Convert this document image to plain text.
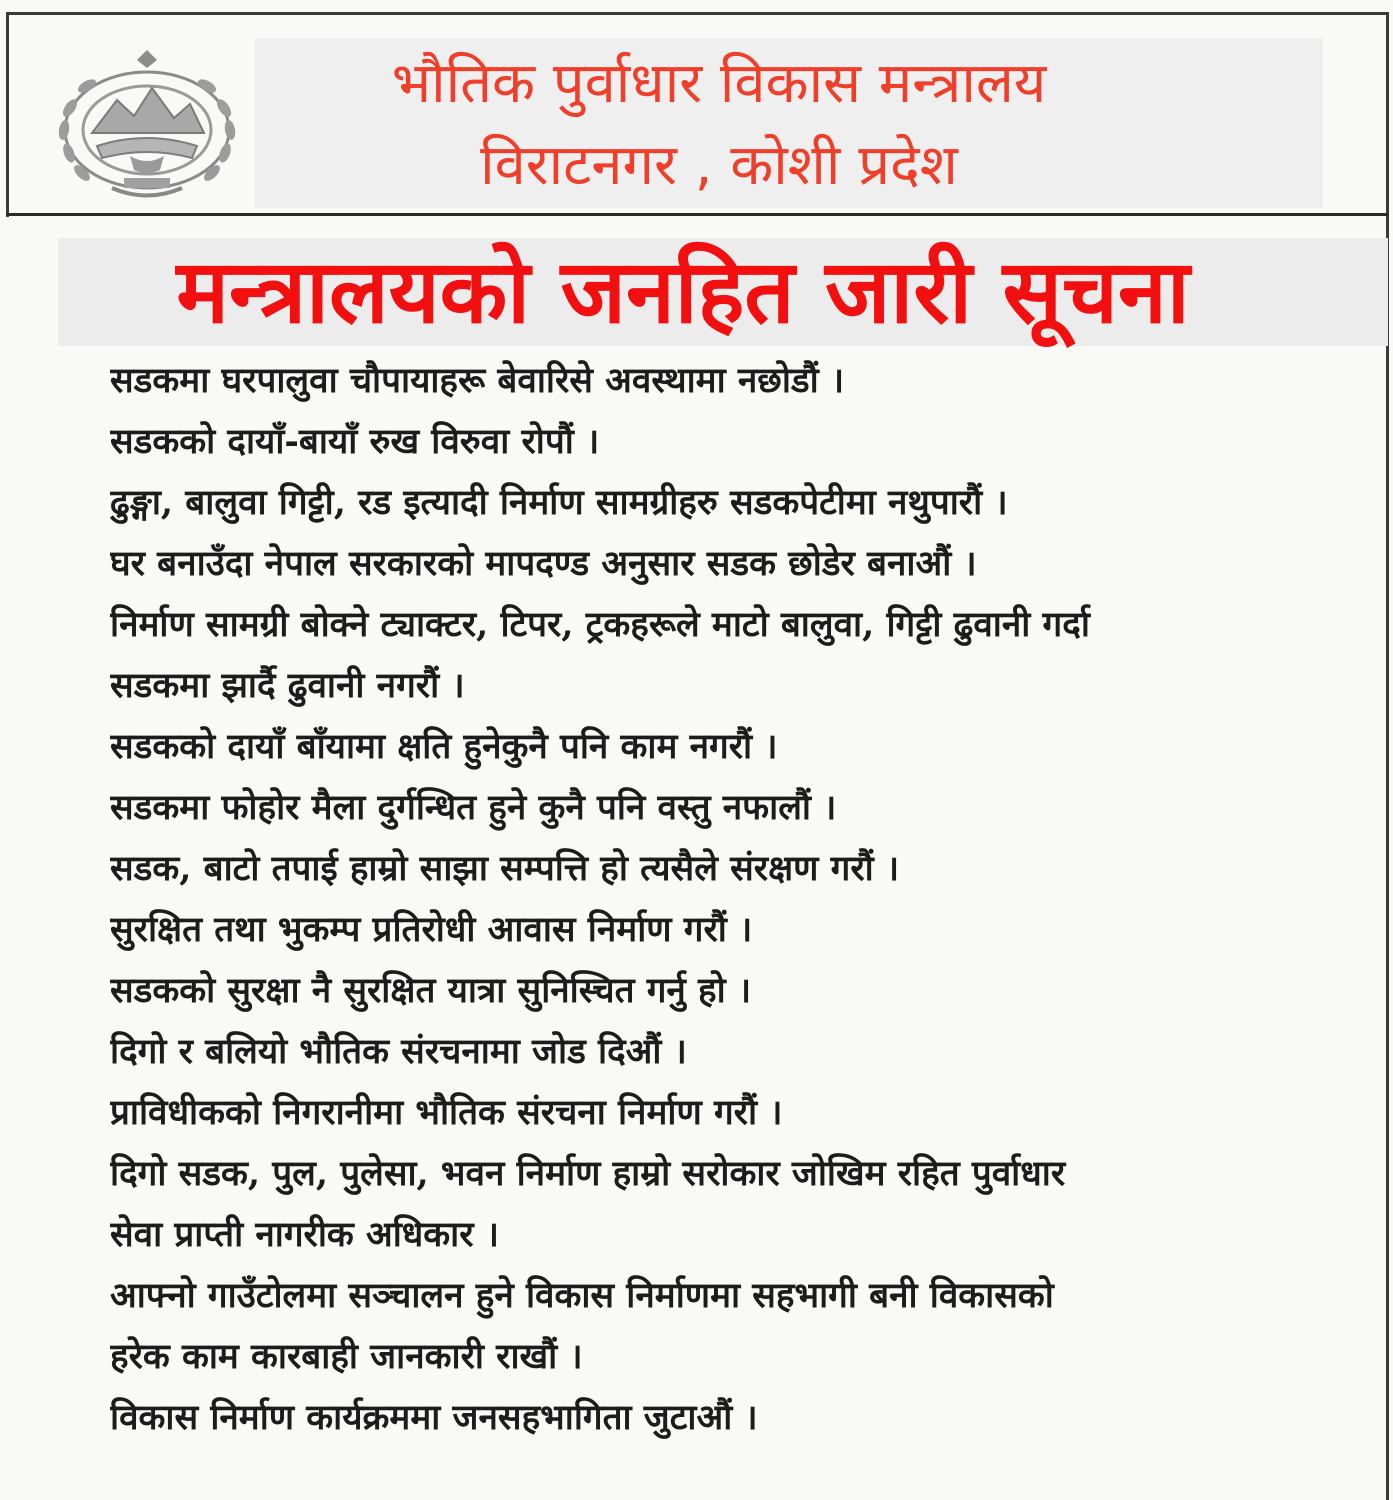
भौतिक पुर्वाधार विकास मन्त्रालय
विराटनगर , कोशी प्रदेश
मन्त्रालयको जनहित जारी सूचना
सडकमा घरपालुवा चौपायाहरू बेवारिसे अवस्थामा नछोडौं ।
सडकको दायाँ-बायाँ रुख विरुवा रोपौं ।
ढुङ्गा, बालुवा गिट्टी, रड इत्यादी निर्माण सामग्रीहरु सडकपेटीमा नथुपारौं ।
घर बनाउँदा नेपाल सरकारको मापदण्ड अनुसार सडक छोडेर बनाऔं ।
निर्माण सामग्री बोक्ने ट्याक्टर, टिपर, ट्रकहरूले माटो बालुवा, गिट्टी ढुवानी गर्दा
सडकमा झार्दै ढुवानी नगरौं ।
सडकको दायाँ बाँयामा क्षति हुनेकुनै पनि काम नगरौं ।
सडकमा फोहोर मैला दुर्गन्धित हुने कुनै पनि वस्तु नफालौं ।
सडक, बाटो तपाई हाम्रो साझा सम्पत्ति हो त्यसैले संरक्षण गरौं ।
सुरक्षित तथा भुकम्प प्रतिरोधी आवास निर्माण गरौं ।
सडकको सुरक्षा नै सुरक्षित यात्रा सुनिस्चित गर्नु हो ।
दिगो र बलियो भौतिक संरचनामा जोड दिऔं ।
प्राविधीकको निगरानीमा भौतिक संरचना निर्माण गरौं ।
दिगो सडक, पुल, पुलेसा, भवन निर्माण हाम्रो सरोकार जोखिम रहित पुर्वाधार
सेवा प्राप्ती नागरीक अधिकार ।
आफ्नो गाउँटोलमा सञ्चालन हुने विकास निर्माणमा सहभागी बनी विकासको
हरेक काम कारबाही जानकारी राखौं ।
विकास निर्माण कार्यक्रममा जनसहभागिता जुटाऔं ।
